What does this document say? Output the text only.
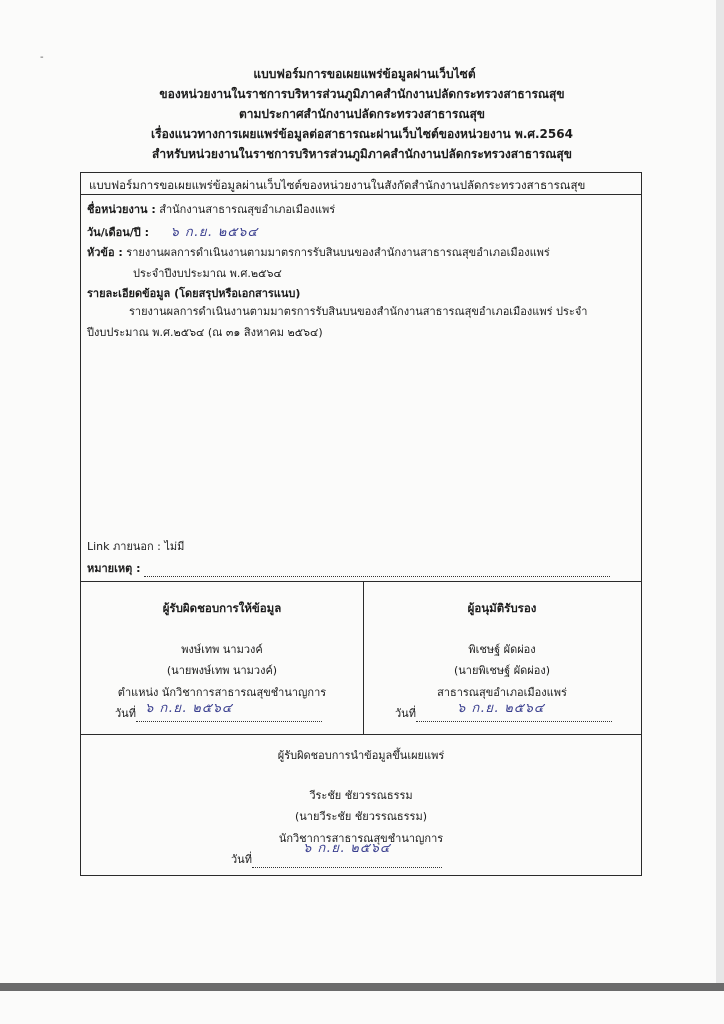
-
แบบฟอร์มการขอเผยแพร่ข้อมูลผ่านเว็บไซต์
ของหน่วยงานในราชการบริหารส่วนภูมิภาคสำนักงานปลัดกระทรวงสาธารณสุข
ตามประกาศสำนักงานปลัดกระทรวงสาธารณสุข
เรื่องแนวทางการเผยแพร่ข้อมูลต่อสาธารณะผ่านเว็บไซต์ของหน่วยงาน พ.ศ.2564
สำหรับหน่วยงานในราชการบริหารส่วนภูมิภาคสำนักงานปลัดกระทรวงสาธารณสุข
แบบฟอร์มการขอเผยแพร่ข้อมูลผ่านเว็บไซต์ของหน่วยงานในสังกัดสำนักงานปลัดกระทรวงสาธารณสุข
ชื่อหน่วยงาน : สำนักงานสาธารณสุขอำเภอเมืองแพร่
วัน/เดือน/ปี : ๖ ก.ย. ๒๕๖๔
หัวข้อ : รายงานผลการดำเนินงานตามมาตรการรับสินบนของสำนักงานสาธารณสุขอำเภอเมืองแพร่
ประจำปีงบประมาณ พ.ศ.๒๕๖๔
รายละเอียดข้อมูล (โดยสรุปหรือเอกสารแนบ)
รายงานผลการดำเนินงานตามมาตรการรับสินบนของสำนักงานสาธารณสุขอำเภอเมืองแพร่ ประจำปีงบประมาณ พ.ศ.๒๕๖๔ (ณ ๓๑ สิงหาคม ๒๕๖๔)
Link ภายนอก : ไม่มี
หมายเหตุ :
ผู้รับผิดชอบการให้ข้อมูล
พงษ์เทพ นามวงค์
(นายพงษ์เทพ นามวงค์)
ตำแหน่ง นักวิชาการสาธารณสุขชำนาญการ
วันที่ ๖ ก.ย. ๒๕๖๔
ผู้อนุมัติรับรอง
พิเชษฐ์ ผัดผ่อง
(นายพิเชษฐ์ ผัดผ่อง)
สาธารณสุขอำเภอเมืองแพร่
วันที่	๖ ก.ย. ๒๕๖๔
ผู้รับผิดชอบการนำข้อมูลขึ้นเผยแพร่
วีระชัย ชัยวรรณธรรม
(นายวีระชัย ชัยวรรณธรรม)
นักวิชาการสาธารณสุขชำนาญการ
วันที่
๖ ก.ย. ๒๕๖๔
